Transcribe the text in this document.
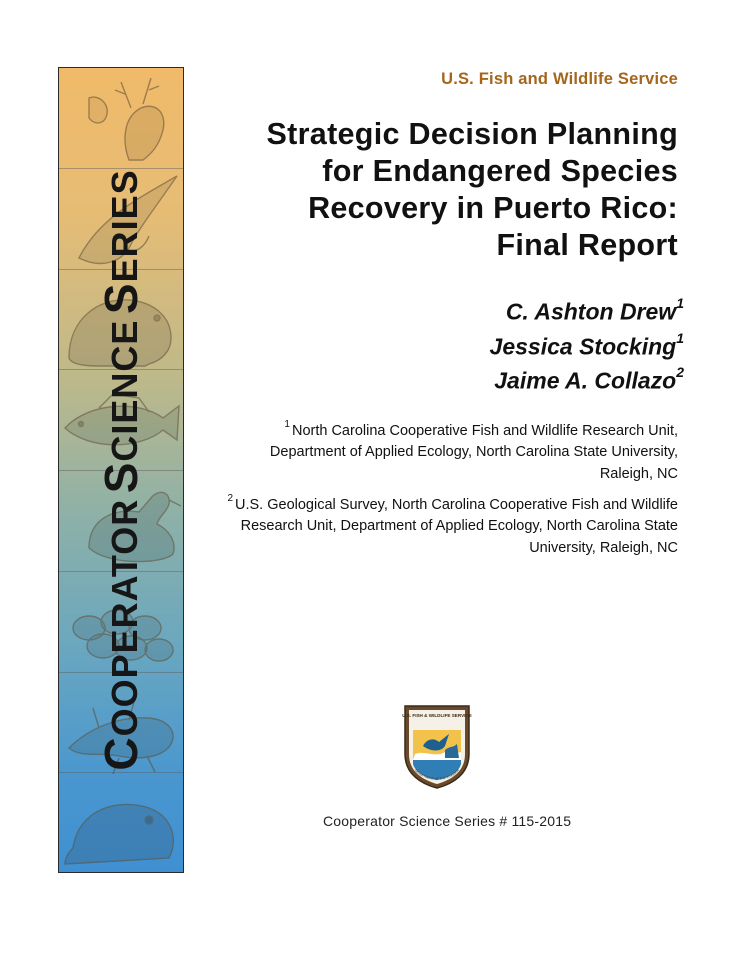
COOPERATOR SCIENCE SERIES
U.S. Fish and Wildlife Service
Strategic Decision Planning
for Endangered Species
Recovery in Puerto Rico:
Final Report
C. Ashton Drew$^1$
Jessica Stocking$^1$
Jaime A. Collazo$^2$
$^1$ North Carolina Cooperative Fish and Wildlife Research Unit, Department of Applied Ecology, North Carolina State University, Raleigh, NC
$^2$ U.S. Geological Survey, North Carolina Cooperative Fish and Wildlife Research Unit, Department of Applied Ecology, North Carolina State University, Raleigh, NC
U.S. FISH & WILDLIFE SERVICE
DEPARTMENT OF THE INTERIOR
Cooperator Science Series # 115-2015
